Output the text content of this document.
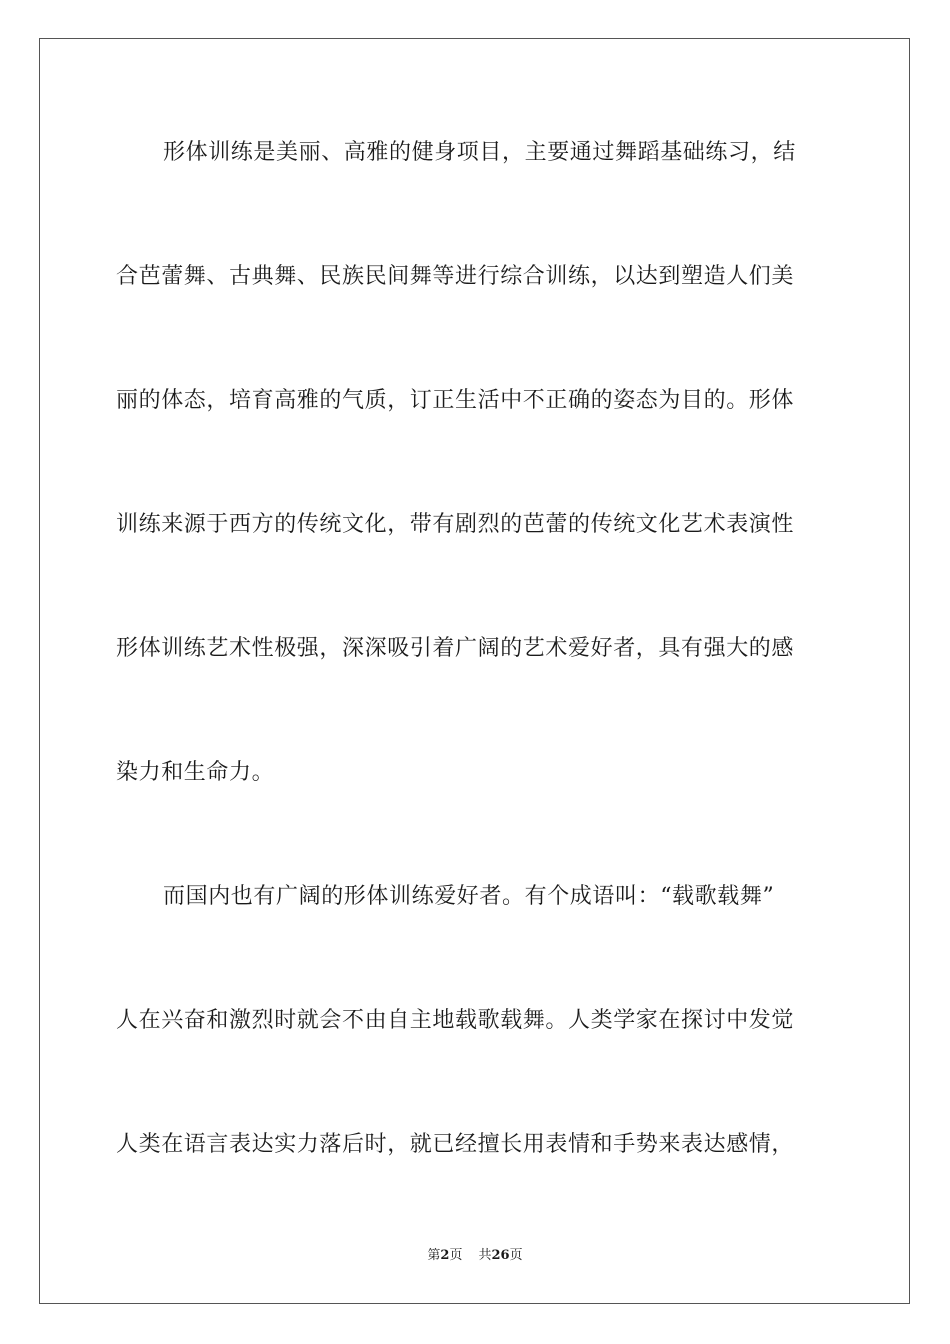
形体训练是美丽、高雅的健身项目，主要通过舞蹈基础练习，结
合芭蕾舞、古典舞、民族民间舞等进行综合训练，以达到塑造人们美
丽的体态，培育高雅的气质，订正生活中不正确的姿态为目的。形体
训练来源于西方的传统文化，带有剧烈的芭蕾的传统文化艺术表演性
形体训练艺术性极强，深深吸引着广阔的艺术爱好者，具有强大的感
染力和生命力。
而国内也有广阔的形体训练爱好者。有个成语叫：“载歌载舞”
人在兴奋和激烈时就会不由自主地载歌载舞。人类学家在探讨中发觉
人类在语言表达实力落后时，就已经擅长用表情和手势来表达感情，
第2页 共26页
